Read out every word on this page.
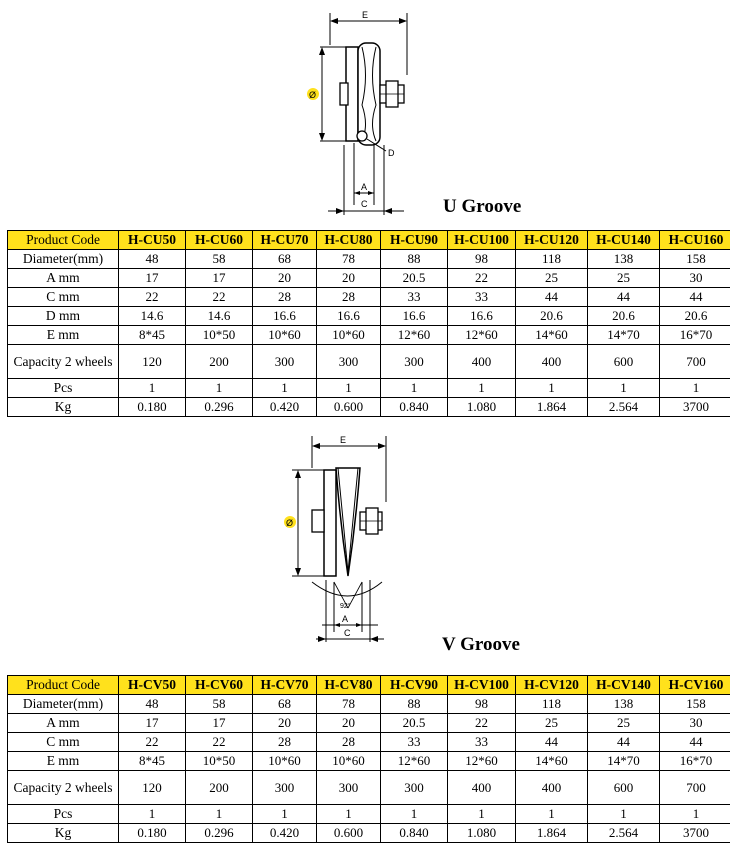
E
Ø
D
A
C	U Groove
Product Code	H-CU50	H-CU60	H-CU70	H-CU80	H-CU90	H-CU100	H-CU120	H-CU140	H-CU160
Diameter(mm)	48	58	68	78	88	98	118	138	158
A mm	17	17	20	20	20.5	22	25	25	30
C mm	22	22	28	28	33	33	44	44	44
D mm	14.6	14.6	16.6	16.6	16.6	16.6	20.6	20.6	20.6
E mm	8*45	10*50	10*60	10*60	12*60	12*60	14*60	14*70	16*70
Capacity 2 wheels	120	200	300	300	300	400	400	600	700
Pcs	1	1	1	1	1	1	1	1	1
Kg	0.180	0.296	0.420	0.600	0.840	1.080	1.864	2.564	3700
E
Ø
92°
A
C
V Groove
Product Code	H-CV50	H-CV60	H-CV70	H-CV80	H-CV90	H-CV100	H-CV120	H-CV140	H-CV160
Diameter(mm)	48	58	68	78	88	98	118	138	158
A mm	17	17	20	20	20.5	22	25	25	30
C mm	22	22	28	28	33	33	44	44	44
E mm	8*45	10*50	10*60	10*60	12*60	12*60	14*60	14*70	16*70
Capacity 2 wheels	120	200	300	300	300	400	400	600	700
Pcs	1	1	1	1	1	1	1	1	1
Kg	0.180	0.296	0.420	0.600	0.840	1.080	1.864	2.564	3700
